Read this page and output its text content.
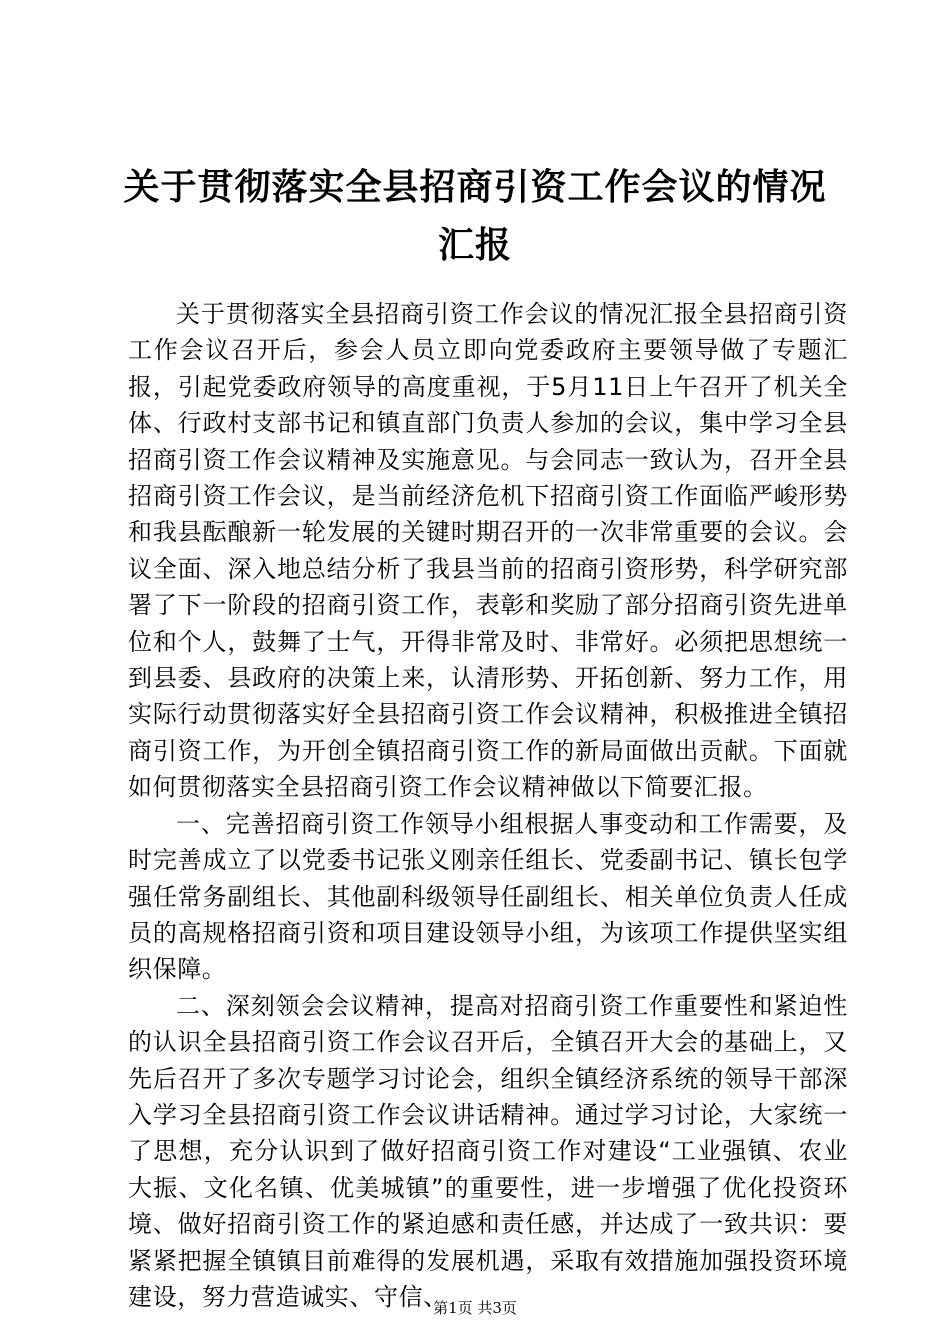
关于贯彻落实全县招商引资工作会议的情况汇报

关于贯彻落实全县招商引资工作会议的情况汇报全县招商引资工作会议召开后，参会人员立即向党委政府主要领导做了专题汇报，引起党委政府领导的高度重视，于5月11日上午召开了机关全体、行政村支部书记和镇直部门负责人参加的会议，集中学习全县招商引资工作会议精神及实施意见。与会同志一致认为，召开全县招商引资工作会议，是当前经济危机下招商引资工作面临严峻形势和我县酝酿新一轮发展的关键时期召开的一次非常重要的会议。会议全面、深入地总结分析了我县当前的招商引资形势，科学研究部署了下一阶段的招商引资工作，表彰和奖励了部分招商引资先进单位和个人，鼓舞了士气，开得非常及时、非常好。必须把思想统一到县委、县政府的决策上来，认清形势、开拓创新、努力工作，用实际行动贯彻落实好全县招商引资工作会议精神，积极推进全镇招商引资工作，为开创全镇招商引资工作的新局面做出贡献。下面就如何贯彻落实全县招商引资工作会议精神做以下简要汇报。

一、完善招商引资工作领导小组根据人事变动和工作需要，及时完善成立了以党委书记张义刚亲任组长、党委副书记、镇长包学强任常务副组长、其他副科级领导任副组长、相关单位负责人任成员的高规格招商引资和项目建设领导小组，为该项工作提供坚实组织保障。

二、深刻领会会议精神，提高对招商引资工作重要性和紧迫性的认识全县招商引资工作会议召开后，全镇召开大会的基础上，又先后召开了多次专题学习讨论会，组织全镇经济系统的领导干部深入学习全县招商引资工作会议讲话精神。通过学习讨论，大家统一了思想，充分认识到了做好招商引资工作对建设“工业强镇、农业大振、文化名镇、优美城镇”的重要性，进一步增强了优化投资环境、做好招商引资工作的紧迫感和责任感，并达成了一致共识：要紧紧把握全镇镇目前难得的发展机遇，采取有效措施加强投资环境建设，努力营造诚实、守信、

第1页 共3页
